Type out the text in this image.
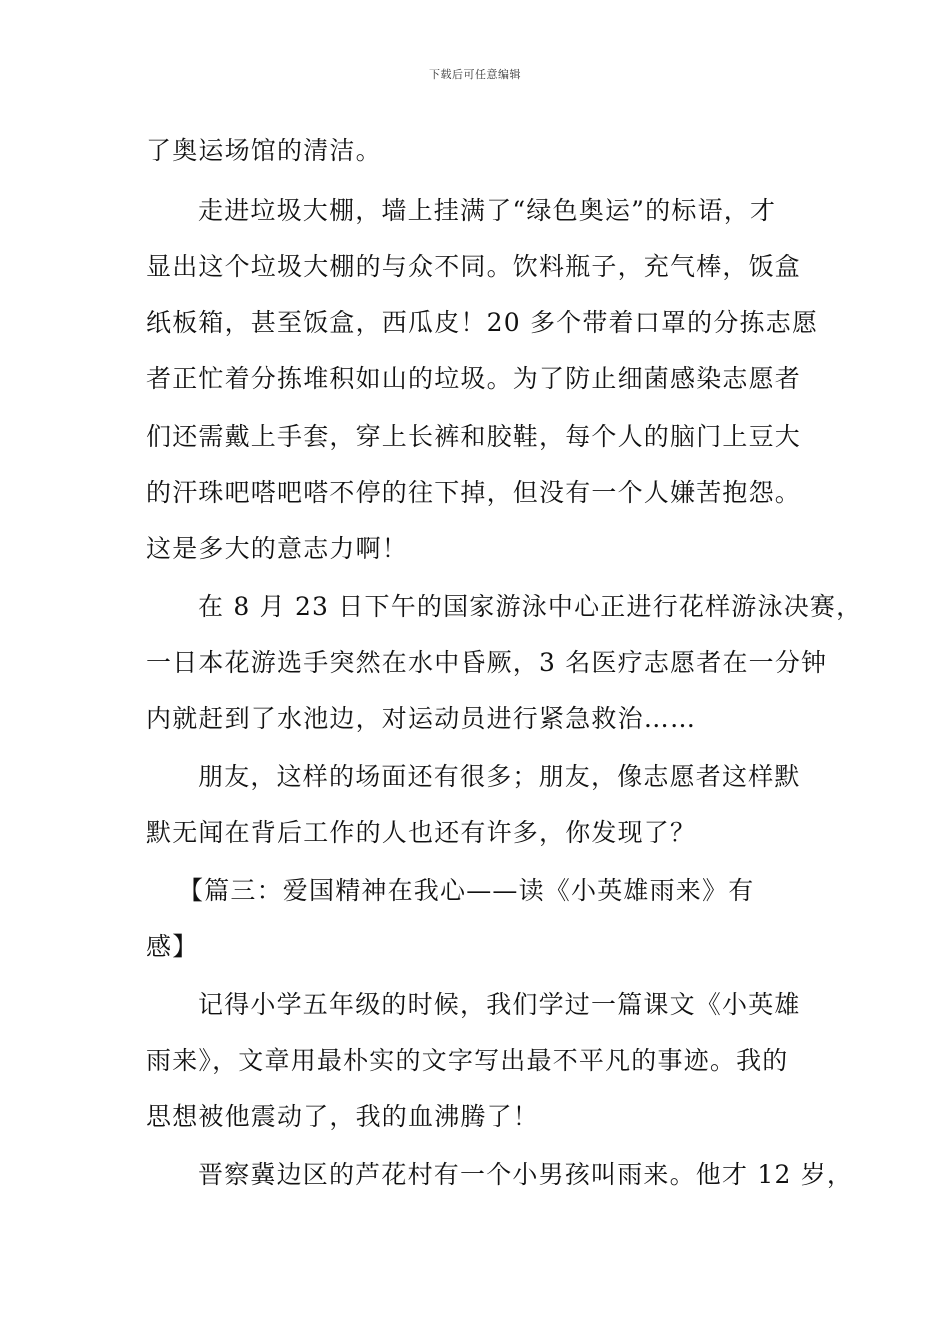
下载后可任意编辑
了奥运场馆的清洁。
走进垃圾大棚，墙上挂满了“绿色奥运”的标语，才
显出这个垃圾大棚的与众不同。饮料瓶子，充气棒，饭盒
纸板箱，甚至饭盒，西瓜皮！20 多个带着口罩的分拣志愿
者正忙着分拣堆积如山的垃圾。为了防止细菌感染志愿者
们还需戴上手套，穿上长裤和胶鞋，每个人的脑门上豆大
的汗珠吧嗒吧嗒不停的往下掉，但没有一个人嫌苦抱怨。
这是多大的意志力啊！
在 8 月 23 日下午的国家游泳中心正进行花样游泳决赛，
一日本花游选手突然在水中昏厥，3 名医疗志愿者在一分钟
内就赶到了水池边，对运动员进行紧急救治……
朋友，这样的场面还有很多；朋友，像志愿者这样默
默无闻在背后工作的人也还有许多，你发现了？
【篇三：爱国精神在我心——读《小英雄雨来》有
感】
记得小学五年级的时候，我们学过一篇课文《小英雄
雨来》，文章用最朴实的文字写出最不平凡的事迹。我的
思想被他震动了，我的血沸腾了！
晋察冀边区的芦花村有一个小男孩叫雨来。他才 12 岁，
